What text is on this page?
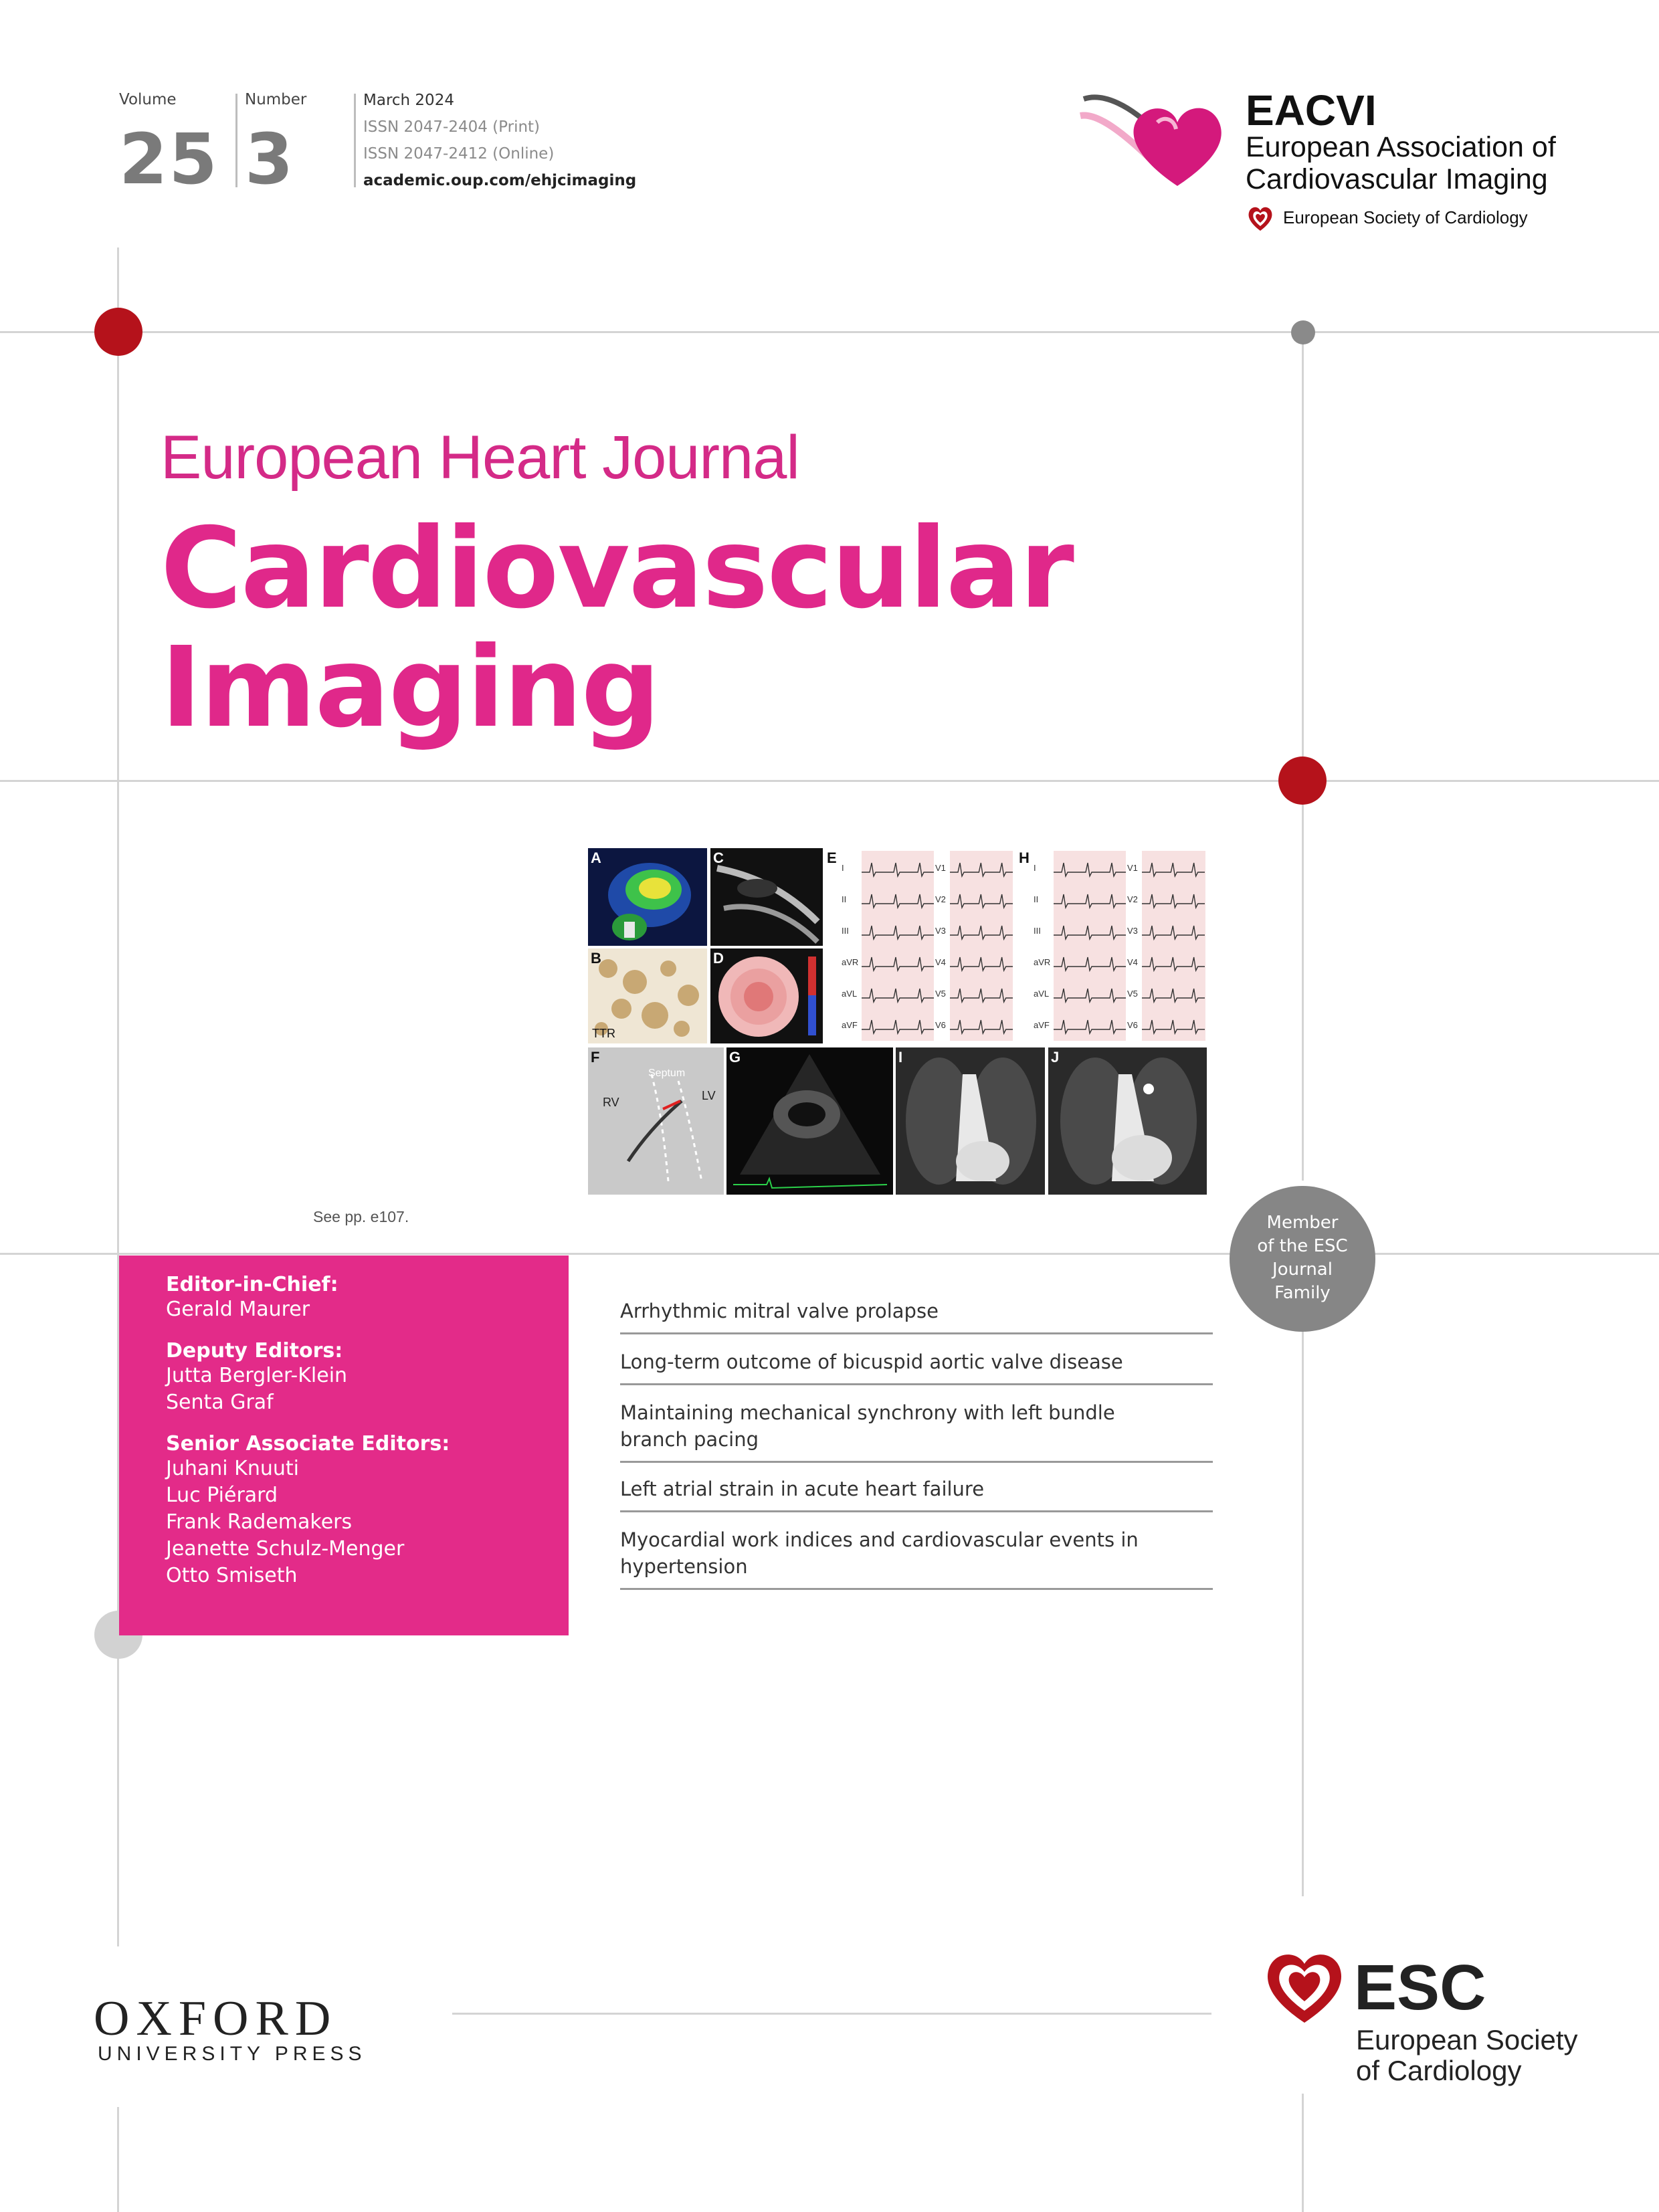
Volume
25
Number
3
March 2024
ISSN 2047-2404 (Print)
ISSN 2047-2412 (Online)
academic.oup.com/ehjcimaging
EACVI
European Association of
Cardiovascular Imaging
European Society of Cardiology
European Heart Journal
Cardiovascular
Imaging
A
B
TTR
C
D
E
I	V1
II	V2
III	V3
aVR	V4
aVL	V5
aVF	V6
H
I	V1
II	V2
III	V3
aVR	V4
aVL	V5
aVF	V6
F
RV	LV
Septum
G	I	J
See pp. e107.	Member
of the ESC
Journal
Family

Editor-in-Chief:

Gerald Maurer

Deputy Editors:

Jutta Bergler-Klein

Senta Graf

Senior Associate Editors:

Juhani Knuuti

Luc Piérard

Frank Rademakers

Jeanette Schulz-Menger

Otto Smiseth

Arrhythmic mitral valve prolapse
Long-term outcome of bicuspid aortic valve disease
Maintaining mechanical synchrony with left bundle branch pacing
Left atrial strain in acute heart failure
Myocardial work indices and cardiovascular events in hypertension
OXFORD
UNIVERSITY PRESS
ESC
European Society
of Cardiology
